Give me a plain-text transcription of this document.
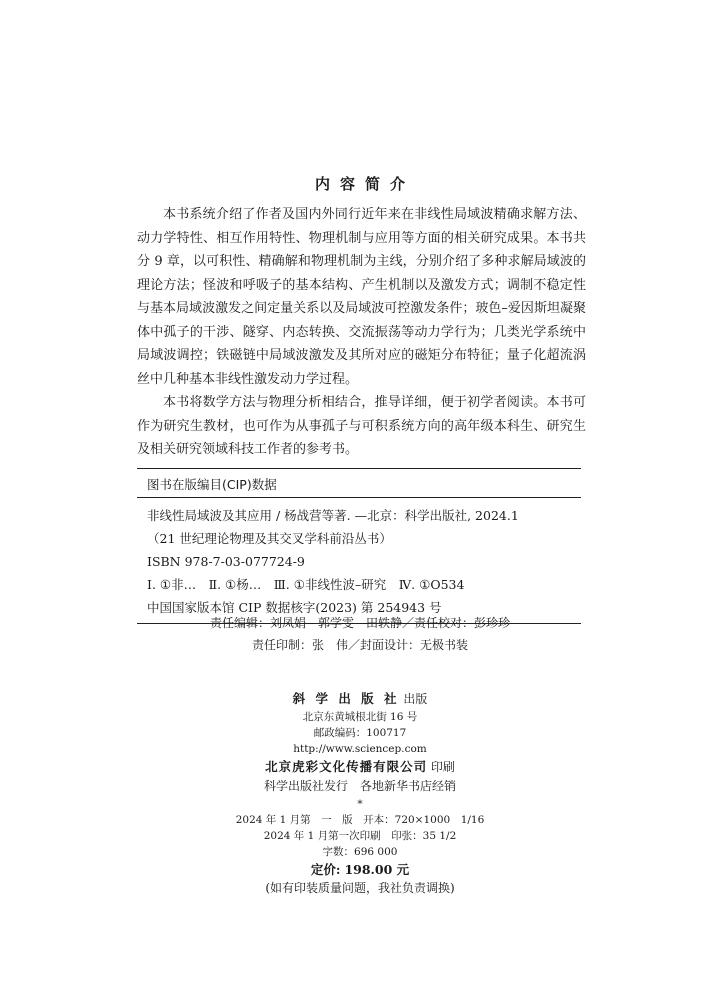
内容简介

本书系统介绍了作者及国内外同行近年来在非线性局域波精确求解方法、动力学特性、相互作用特性、物理机制与应用等方面的相关研究成果。本书共分 9 章，以可积性、精确解和物理机制为主线，分别介绍了多种求解局域波的理论方法；怪波和呼吸子的基本结构、产生机制以及激发方式；调制不稳定性与基本局域波激发之间定量关系以及局域波可控激发条件；玻色–爱因斯坦凝聚体中孤子的干涉、隧穿、内态转换、交流振荡等动力学行为；几类光学系统中局域波调控；铁磁链中局域波激发及其所对应的磁矩分布特征；量子化超流涡丝中几种基本非线性激发动力学过程。

本书将数学方法与物理分析相结合，推导详细，便于初学者阅读。本书可作为研究生教材，也可作为从事孤子与可积系统方向的高年级本科生、研究生及相关研究领域科技工作者的参考书。

图书在版编目(CIP)数据
非线性局域波及其应用 / 杨战营等著. —北京：科学出版社, 2024.1
（21 世纪理论物理及其交叉学科前沿丛书）
ISBN 978-7-03-077724-9
Ⅰ. ①非…　Ⅱ. ①杨…　Ⅲ. ①非线性波–研究　Ⅳ. ①O534
中国国家版本馆 CIP 数据核字(2023) 第 254943 号
责任编辑：刘凤娟　郭学雯　田轶静／责任校对：彭珍珍
责任印制：张　伟／封面设计：无极书装
斜 学 出 版 社 出版
北京东黄城根北街 16 号
邮政编码：100717
http://www.sciencep.com
北京虎彩文化传播有限公司 印刷
科学出版社发行　各地新华书店经销
*
2024 年 1 月第　一　版　开本：720×1000　1/16
2024 年 1 月第一次印刷　印张：35 1/2
字数：696 000
定价: 198.00 元
(如有印装质量问题，我社负责调换)
